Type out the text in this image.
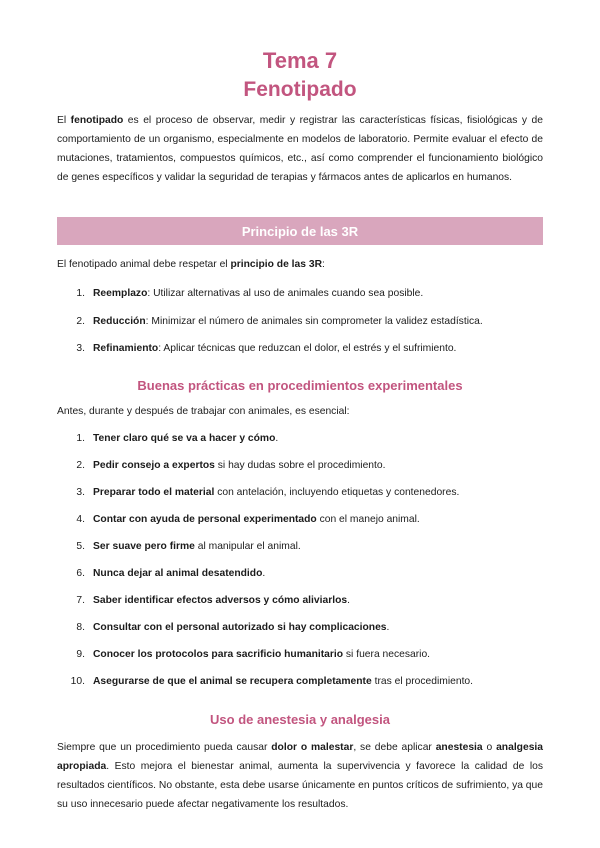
Tema 7
Fenotipado

El fenotipado es el proceso de observar, medir y registrar las características físicas, fisiológicas y de comportamiento de un organismo, especialmente en modelos de laboratorio. Permite evaluar el efecto de mutaciones, tratamientos, compuestos químicos, etc., así como comprender el funcionamiento biológico de genes específicos y validar la seguridad de terapias y fármacos antes de aplicarlos en humanos.

Principio de las 3R

El fenotipado animal debe respetar el principio de las 3R:

1. Reemplazo: Utilizar alternativas al uso de animales cuando sea posible.
2. Reducción: Minimizar el número de animales sin comprometer la validez estadística.
3. Refinamiento: Aplicar técnicas que reduzcan el dolor, el estrés y el sufrimiento.
Buenas prácticas en procedimientos experimentales

Antes, durante y después de trabajar con animales, es esencial:

1. Tener claro qué se va a hacer y cómo.
2. Pedir consejo a expertos si hay dudas sobre el procedimiento.
3. Preparar todo el material con antelación, incluyendo etiquetas y contenedores.
4. Contar con ayuda de personal experimentado con el manejo animal.
5. Ser suave pero firme al manipular el animal.
6. Nunca dejar al animal desatendido.
7. Saber identificar efectos adversos y cómo aliviarlos.
8. Consultar con el personal autorizado si hay complicaciones.
9. Conocer los protocolos para sacrificio humanitario si fuera necesario.
10. Asegurarse de que el animal se recupera completamente tras el procedimiento.
Uso de anestesia y analgesia

Siempre que un procedimiento pueda causar dolor o malestar, se debe aplicar anestesia o analgesia apropiada. Esto mejora el bienestar animal, aumenta la supervivencia y favorece la calidad de los resultados científicos. No obstante, esta debe usarse únicamente en puntos críticos de sufrimiento, ya que su uso innecesario puede afectar negativamente los resultados.
